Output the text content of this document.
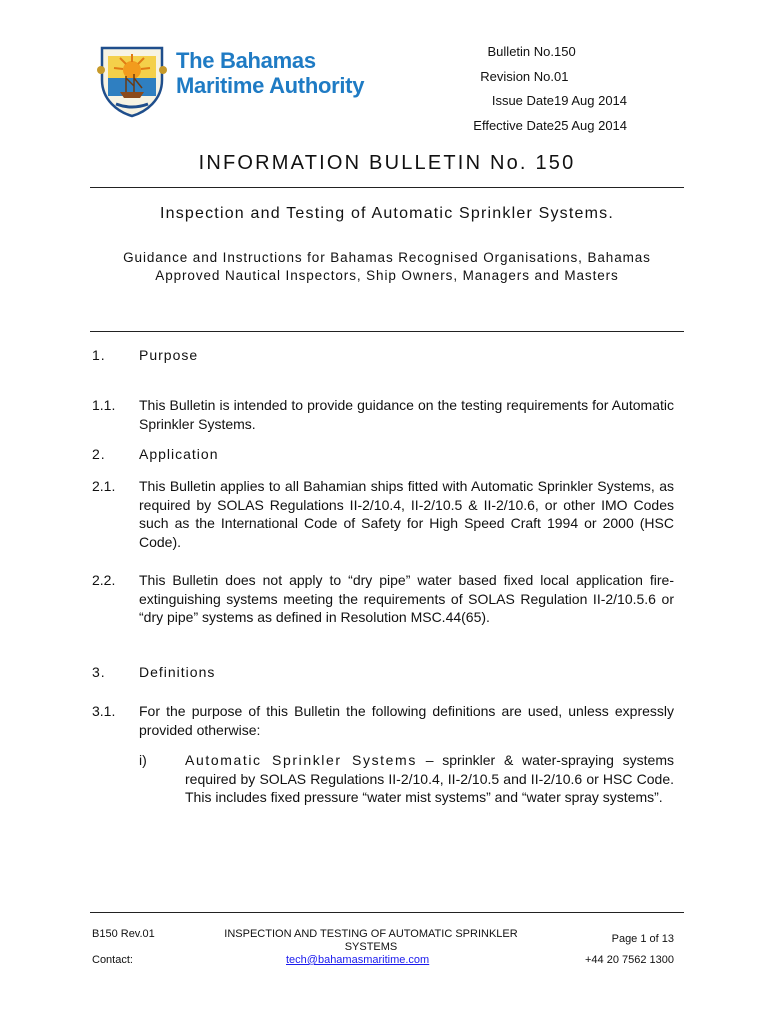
The Bahamas
Maritime Authority
Bulletin No. 150
Revision No. 01
Issue Date 19 Aug 2014
Effective Date 25 Aug 2014
INFORMATION BULLETIN No. 150
Inspection and Testing of Automatic Sprinkler Systems.
Guidance and Instructions for Bahamas Recognised Organisations, Bahamas Approved Nautical Inspectors, Ship Owners, Managers and Masters
1. Purpose
1.1. This Bulletin is intended to provide guidance on the testing requirements for Automatic Sprinkler Systems.
2. Application
2.1. This Bulletin applies to all Bahamian ships fitted with Automatic Sprinkler Systems, as required by SOLAS Regulations II-2/10.4, II-2/10.5 & II-2/10.6, or other IMO Codes such as the International Code of Safety for High Speed Craft 1994 or 2000 (HSC Code).
2.2. This Bulletin does not apply to “dry pipe” water based fixed local application fire-extinguishing systems meeting the requirements of SOLAS Regulation II-2/10.5.6 or “dry pipe” systems as defined in Resolution MSC.44(65).
3. Definitions
3.1. For the purpose of this Bulletin the following definitions are used, unless expressly provided otherwise:
i)	Automatic Sprinkler Systems – sprinkler & water-spraying systems required by SOLAS Regulations II-2/10.4, II-2/10.5 and II-2/10.6 or HSC Code. This includes fixed pressure “water mist systems” and “water spray systems”.
B150 Rev.01	INSPECTION AND TESTING OF AUTOMATIC SPRINKLER SYSTEMS
Page 1 of 13
Contact:	tech@bahamasmaritime.com	+44 20 7562 1300
